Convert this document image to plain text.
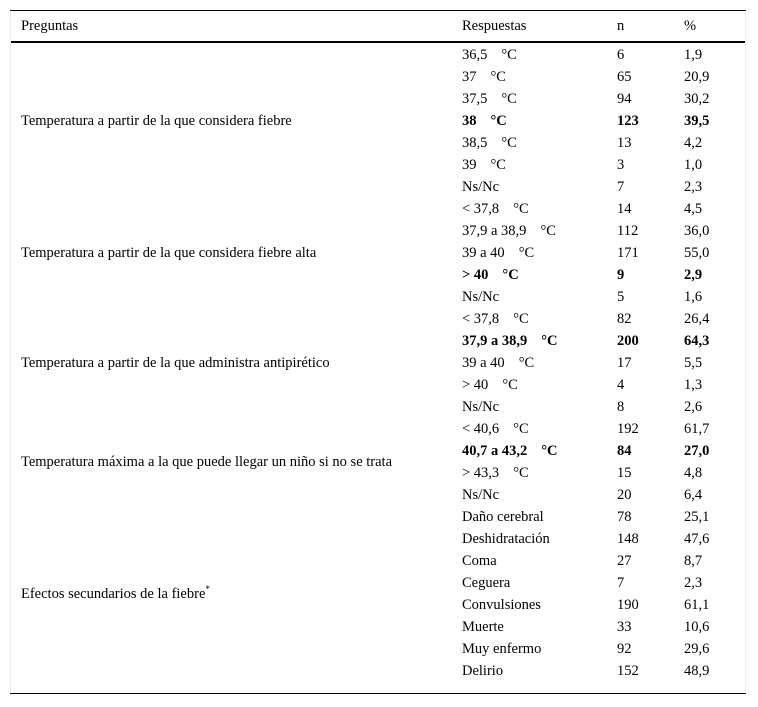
Preguntas	Respuestas	n	%
Temperatura a partir de la que considera fiebre	36,5 °C	6	1,9
	37 °C	65	20,9
	37,5 °C	94	30,2
	38 °C	123	39,5
	38,5 °C	13	4,2
	39 °C	3	1,0
	Ns/Nc	7	2,3
Temperatura a partir de la que considera fiebre alta	< 37,8 °C	14	4,5
	37,9 a 38,9 °C	112	36,0
	39 a 40 °C	171	55,0
	> 40 °C	9	2,9
	Ns/Nc	5	1,6
Temperatura a partir de la que administra antipirético	< 37,8 °C	82	26,4
	37,9 a 38,9 °C	200	64,3
	39 a 40 °C	17	5,5
	> 40 °C	4	1,3
	Ns/Nc	8	2,6
Temperatura máxima a la que puede llegar un niño si no se trata	< 40,6 °C	192	61,7
	40,7 a 43,2 °C	84	27,0
	> 43,3 °C	15	4,8
	Ns/Nc	20	6,4
Efectos secundarios de la fiebre*	Daño cerebral	78	25,1
	Deshidratación	148	47,6
	Coma	27	8,7
	Ceguera	7	2,3
	Convulsiones	190	61,1
	Muerte	33	10,6
	Muy enfermo	92	29,6
	Delirio	152	48,9
